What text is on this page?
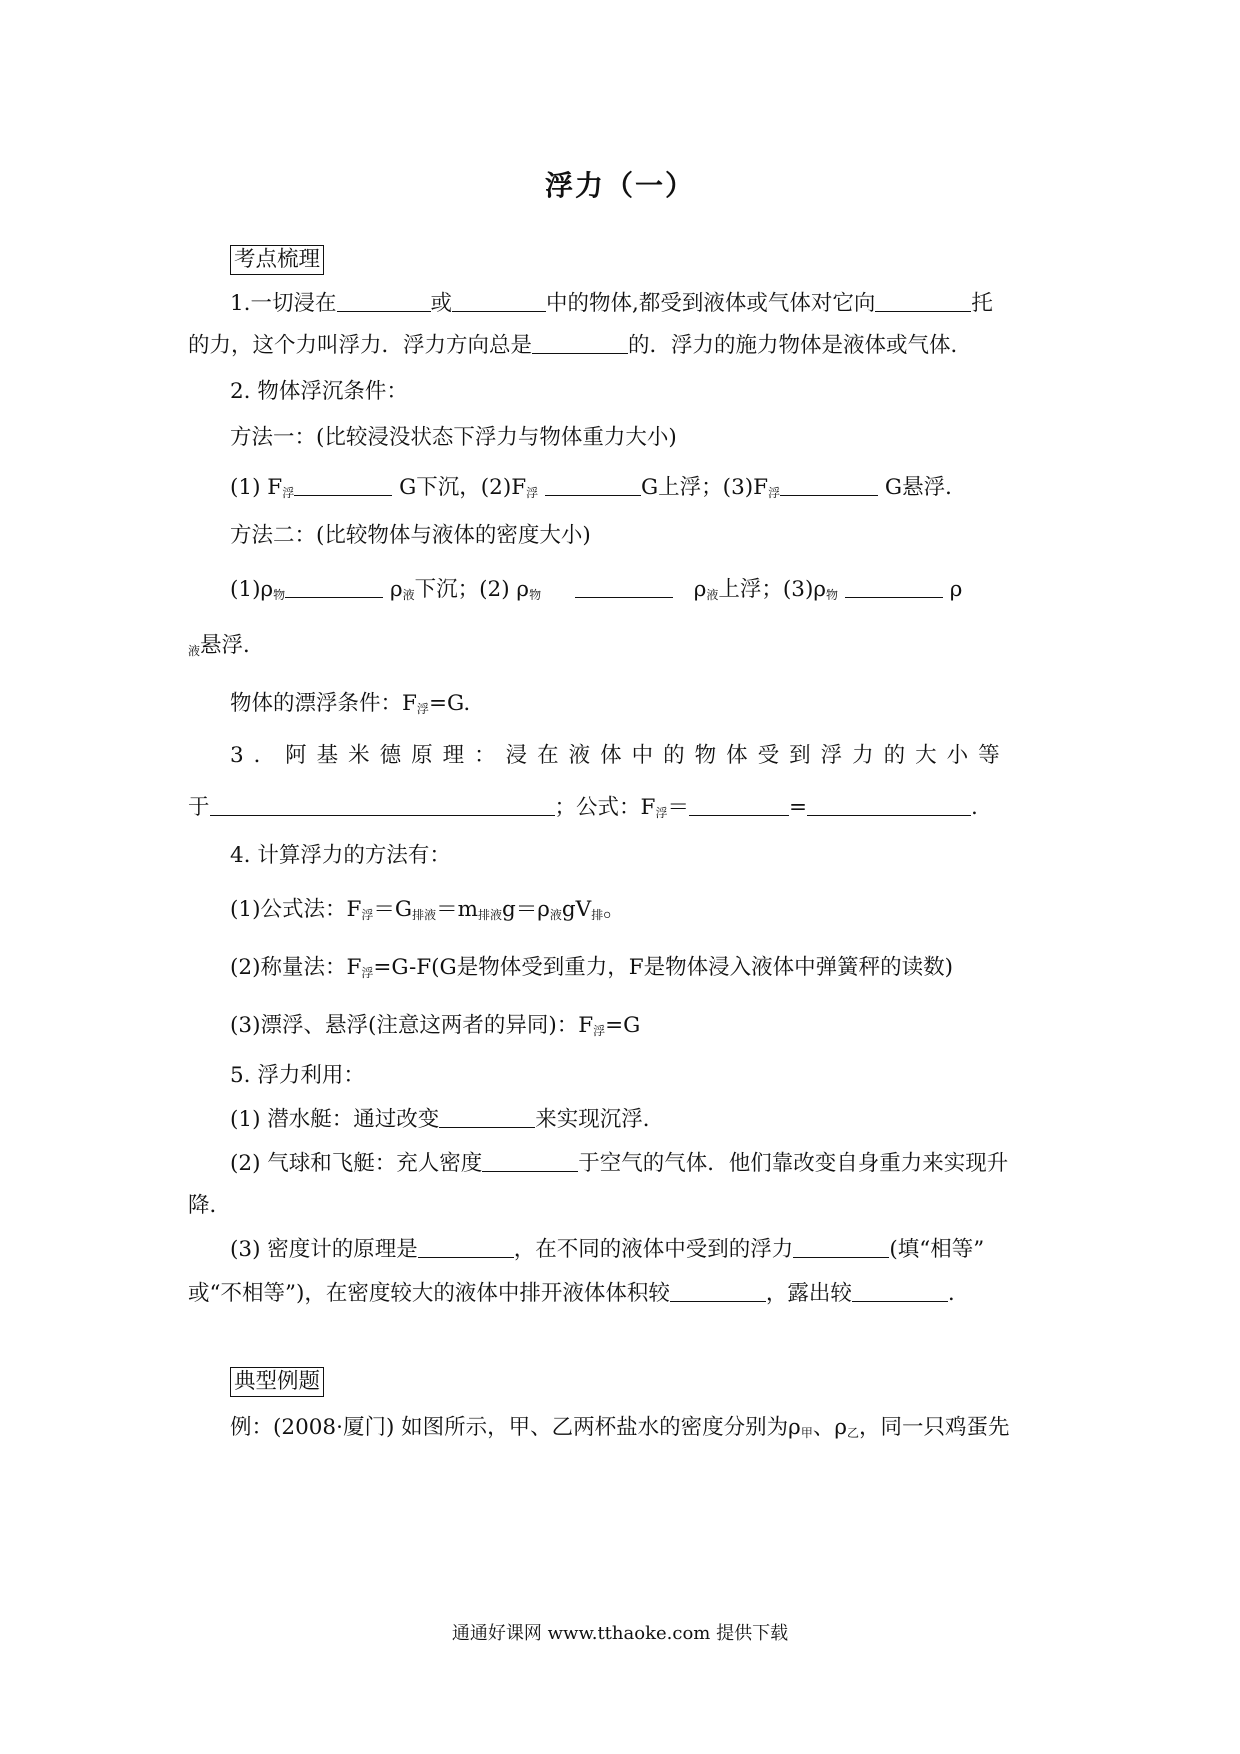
浮力（一）
考点梳理
1.一切浸在	或	中的物体,都受到液体或气体对它向	托
的力，这个力叫浮力．浮力方向总是	的．浮力的施力物体是液体或气体．
2. 物体浮沉条件：
方法一：(比较浸没状态下浮力与物体重力大小)
(1) $F_浮$	G下沉，$(2)F_浮$	G上浮；$(3)F_浮$	G悬浮．
方法二：(比较物体与液体的密度大小)
$(1)\rho_物$	$\rho_液$下沉；(2) $\rho_物$	$\rho_液$上浮；$(3)\rho_物$	ρ
$_液$悬浮．
物体的漂浮条件：$F_浮=G$.
3．阿基米德原理：浸在液体中的物体受到浮力的大小等
于	；公式：$F_浮=$	=	.
4. 计算浮力的方法有：
(1)公式法：$F_浮=G_{排液}=m_{排液}g=\rho_液gV_排$。
(2)称量法：$F_浮=G-F(G$是物体受到重力，F是物体浸入液体中弹簧秤的读数)
(3)漂浮、悬浮(注意这两者的异同)：$F_浮=G$
5. 浮力利用：
(1) 潜水艇：通过改变	来实现沉浮．
(2) 气球和飞艇：充人密度	于空气的气体．他们靠改变自身重力来实现升
降．
(3) 密度计的原理是	，在不同的液体中受到的浮力	(填“相等”
或“不相等”)，在密度较大的液体中排开液体体积较	，露出较	.
典型例题
例：(2008·厦门) 如图所示，甲、乙两杯盐水的密度分别为$\rho_甲$、$\rho_乙$，同一只鸡蛋先
通通好课网 www.tthaoke.com 提供下载
